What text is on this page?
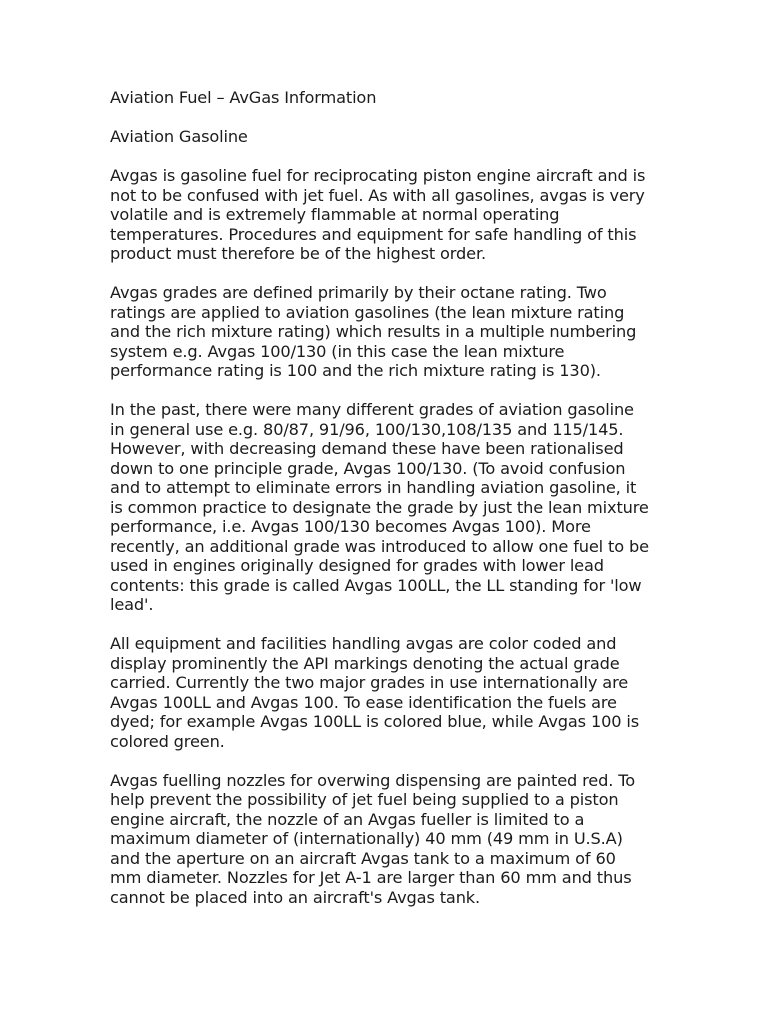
Aviation Fuel – AvGas Information

Aviation Gasoline

Avgas is gasoline fuel for reciprocating piston engine aircraft and is not to be confused with jet fuel. As with all gasolines, avgas is very volatile and is extremely flammable at normal operating temperatures. Procedures and equipment for safe handling of this product must therefore be of the highest order.

Avgas grades are defined primarily by their octane rating. Two ratings are applied to aviation gasolines (the lean mixture rating and the rich mixture rating) which results in a multiple numbering system e.g. Avgas 100/130 (in this case the lean mixture performance rating is 100 and the rich mixture rating is 130).

In the past, there were many different grades of aviation gasoline in general use e.g. 80/87, 91/96, 100/130,108/135 and 115/145. However, with decreasing demand these have been rationalised down to one principle grade, Avgas 100/130. (To avoid confusion and to attempt to eliminate errors in handling aviation gasoline, it is common practice to designate the grade by just the lean mixture performance, i.e. Avgas 100/130 becomes Avgas 100). More recently, an additional grade was introduced to allow one fuel to be used in engines originally designed for grades with lower lead contents: this grade is called Avgas 100LL, the LL standing for 'low lead'.

All equipment and facilities handling avgas are color coded and display prominently the API markings denoting the actual grade carried. Currently the two major grades in use internationally are Avgas 100LL and Avgas 100. To ease identification the fuels are dyed; for example Avgas 100LL is colored blue, while Avgas 100 is colored green.

Avgas fuelling nozzles for overwing dispensing are painted red. To help prevent the possibility of jet fuel being supplied to a piston engine aircraft, the nozzle of an Avgas fueller is limited to a maximum diameter of (internationally) 40 mm (49 mm in U.S.A) and the aperture on an aircraft Avgas tank to a maximum of 60 mm diameter. Nozzles for Jet A-1 are larger than 60 mm and thus cannot be placed into an aircraft's Avgas tank.
